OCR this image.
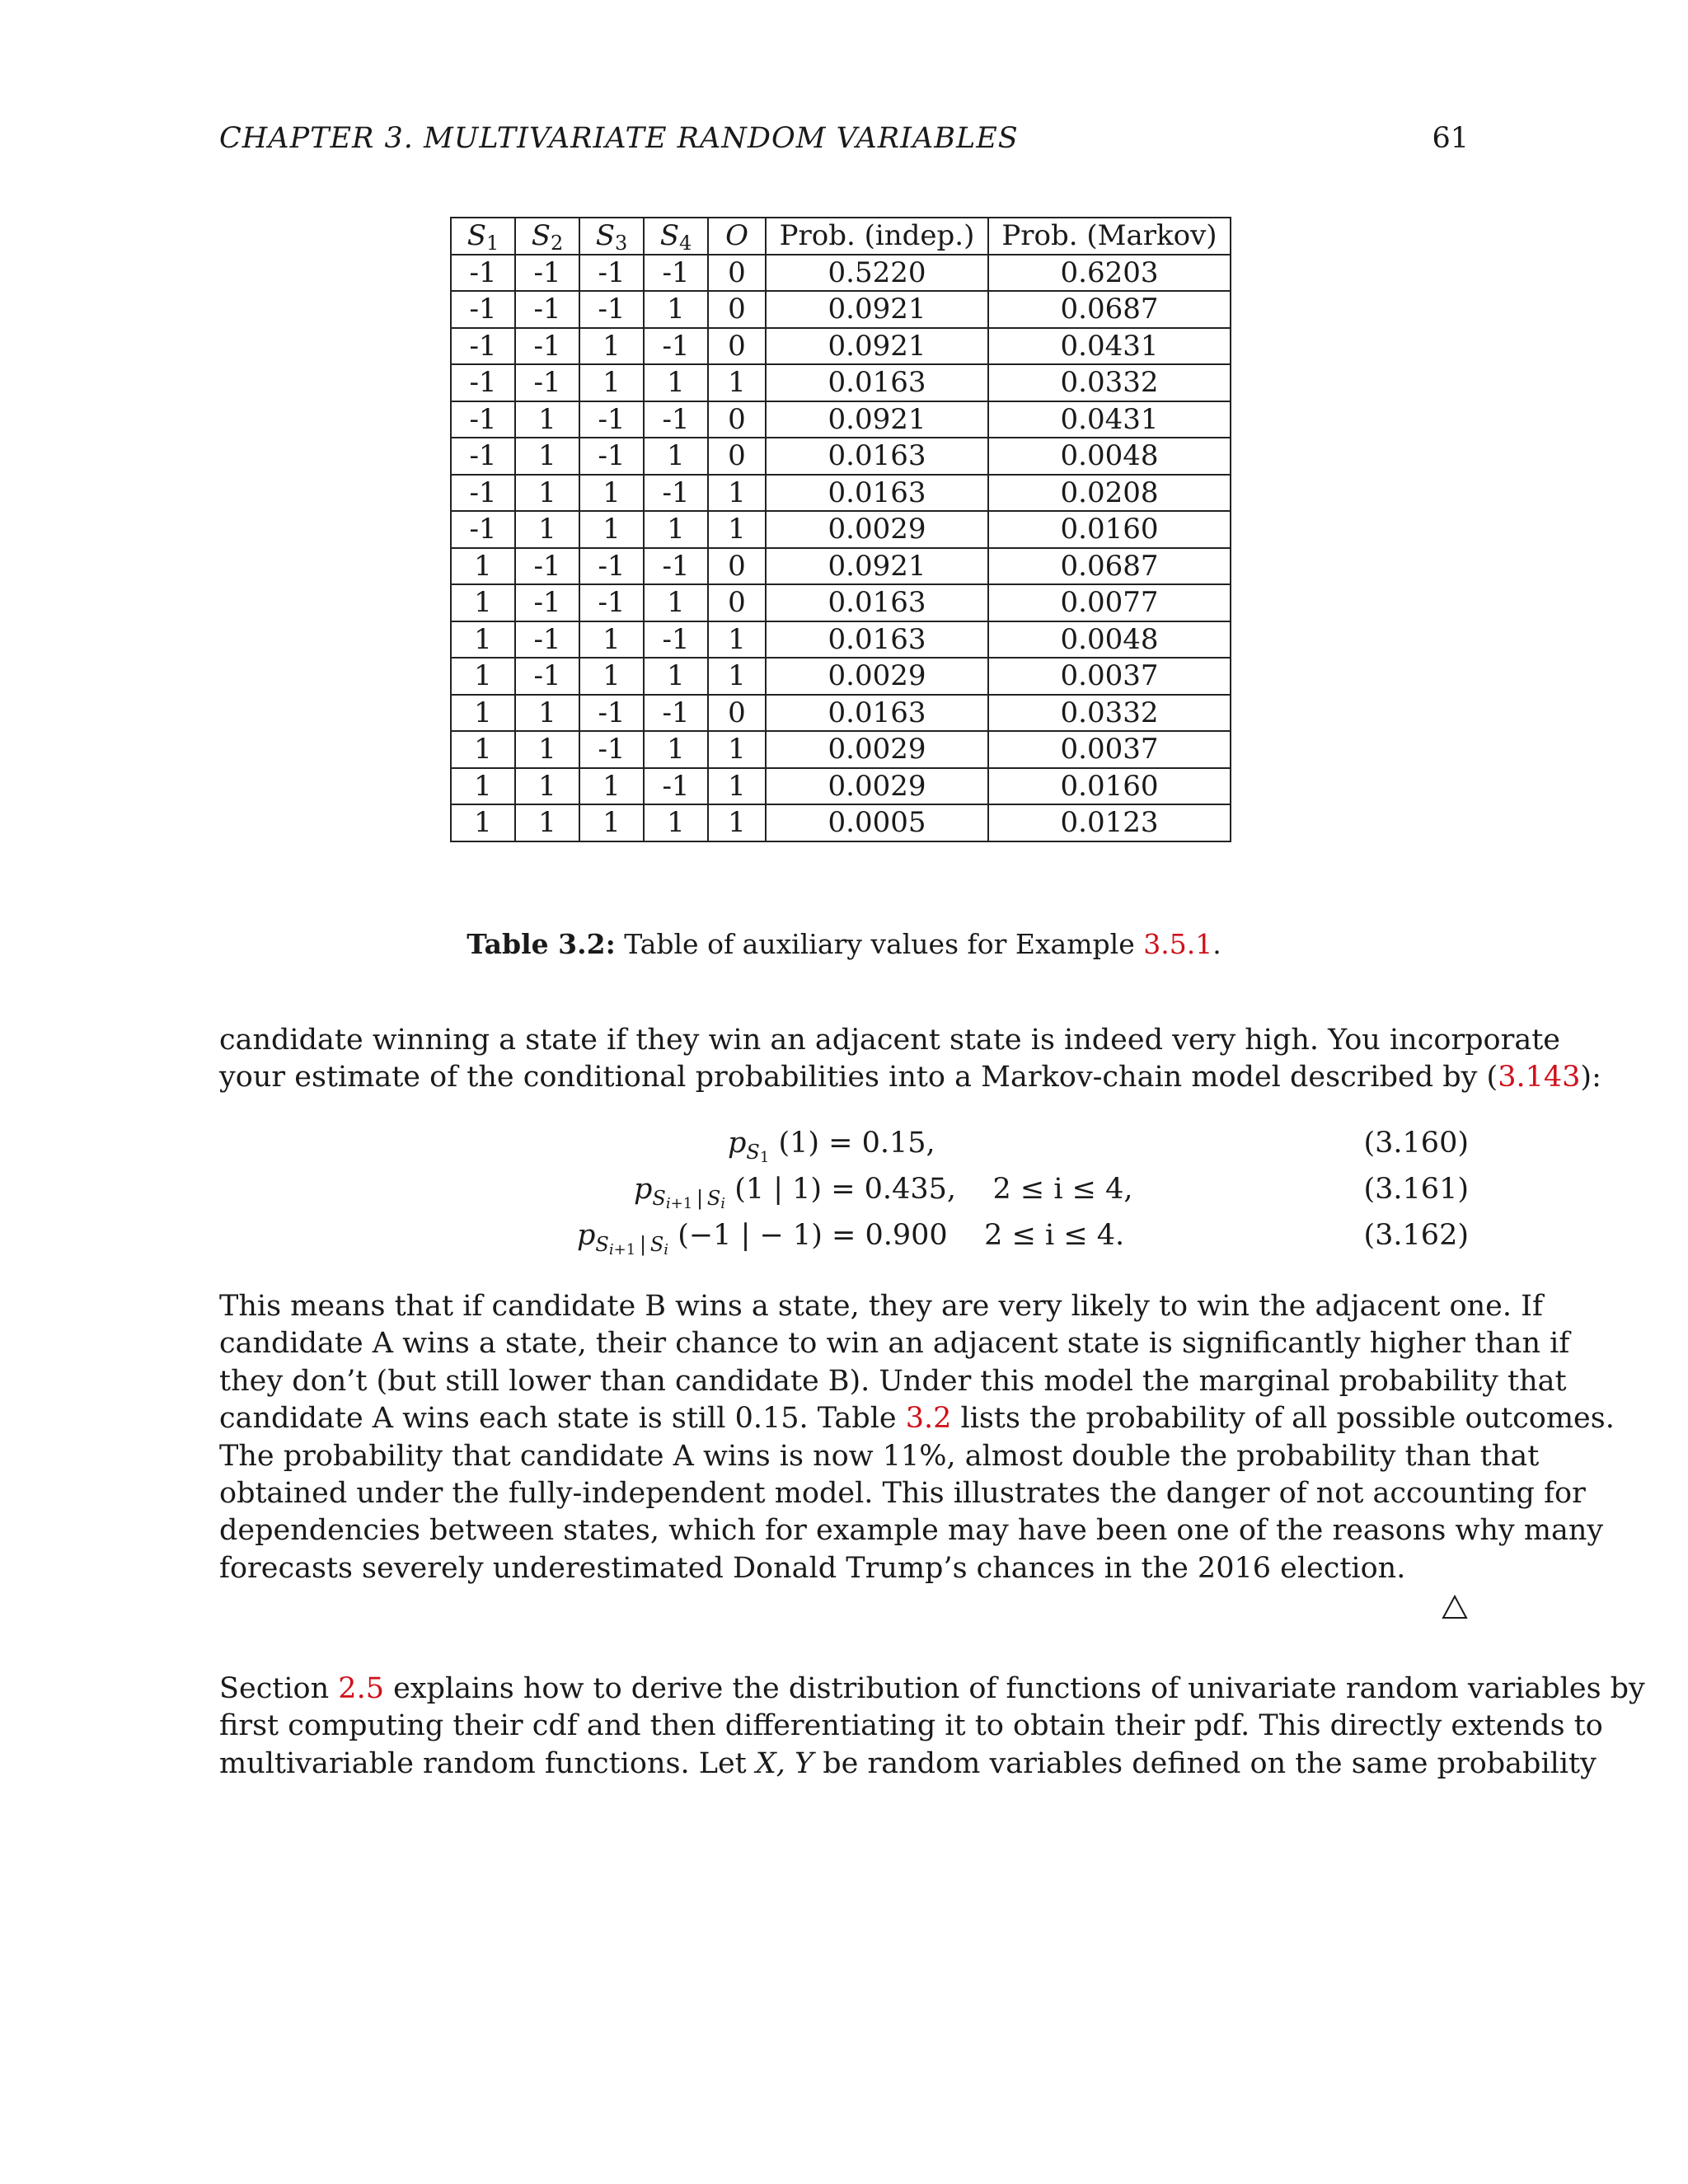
CHAPTER 3. MULTIVARIATE RANDOM VARIABLES	61
$S_1$	$S_2$	$S_3$	$S_4$	O	Prob. (indep.)	Prob. (Markov)
-1	-1	-1	-1	0	0.5220	0.6203
-1	-1	-1	1	0	0.0921	0.0687
-1	-1	1	-1	0	0.0921	0.0431
-1	-1	1	1	1	0.0163	0.0332
-1	1	-1	-1	0	0.0921	0.0431
-1	1	-1	1	0	0.0163	0.0048
-1	1	1	-1	1	0.0163	0.0208
-1	1	1	1	1	0.0029	0.0160
1	-1	-1	-1	0	0.0921	0.0687
1	-1	-1	1	0	0.0163	0.0077
1	-1	1	-1	1	0.0163	0.0048
1	-1	1	1	1	0.0029	0.0037
1	1	-1	-1	0	0.0163	0.0332
1	1	-1	1	1	0.0029	0.0037
1	1	1	-1	1	0.0029	0.0160
1	1	1	1	1	0.0005	0.0123
Table 3.2: Table of auxiliary values for Example 3.5.1.
candidate winning a state if they win an adjacent state is indeed very high. You incorporate
your estimate of the conditional probabilities into a Markov-chain model described by (3.143):
$p_{S_1}$ (1) = 0.15,	(3.160)
$p_{S_{i+1} | S_i}$ (1 | 1) = 0.435, 2 ≤ i ≤ 4,	(3.161)
$p_{S_{i+1} | S_i}$ (−1 | − 1) = 0.900 2 ≤ i ≤ 4.	(3.162)
This means that if candidate B wins a state, they are very likely to win the adjacent one. If
candidate A wins a state, their chance to win an adjacent state is significantly higher than if
they don’t (but still lower than candidate B). Under this model the marginal probability that
candidate A wins each state is still 0.15. Table 3.2 lists the probability of all possible outcomes.
The probability that candidate A wins is now 11%, almost double the probability than that
obtained under the fully-independent model. This illustrates the danger of not accounting for
dependencies between states, which for example may have been one of the reasons why many
forecasts severely underestimated Donald Trump’s chances in the 2016 election.
Section 2.5 explains how to derive the distribution of functions of univariate random variables by
first computing their cdf and then differentiating it to obtain their pdf. This directly extends to
multivariable random functions. Let X, Y be random variables defined on the same probability
